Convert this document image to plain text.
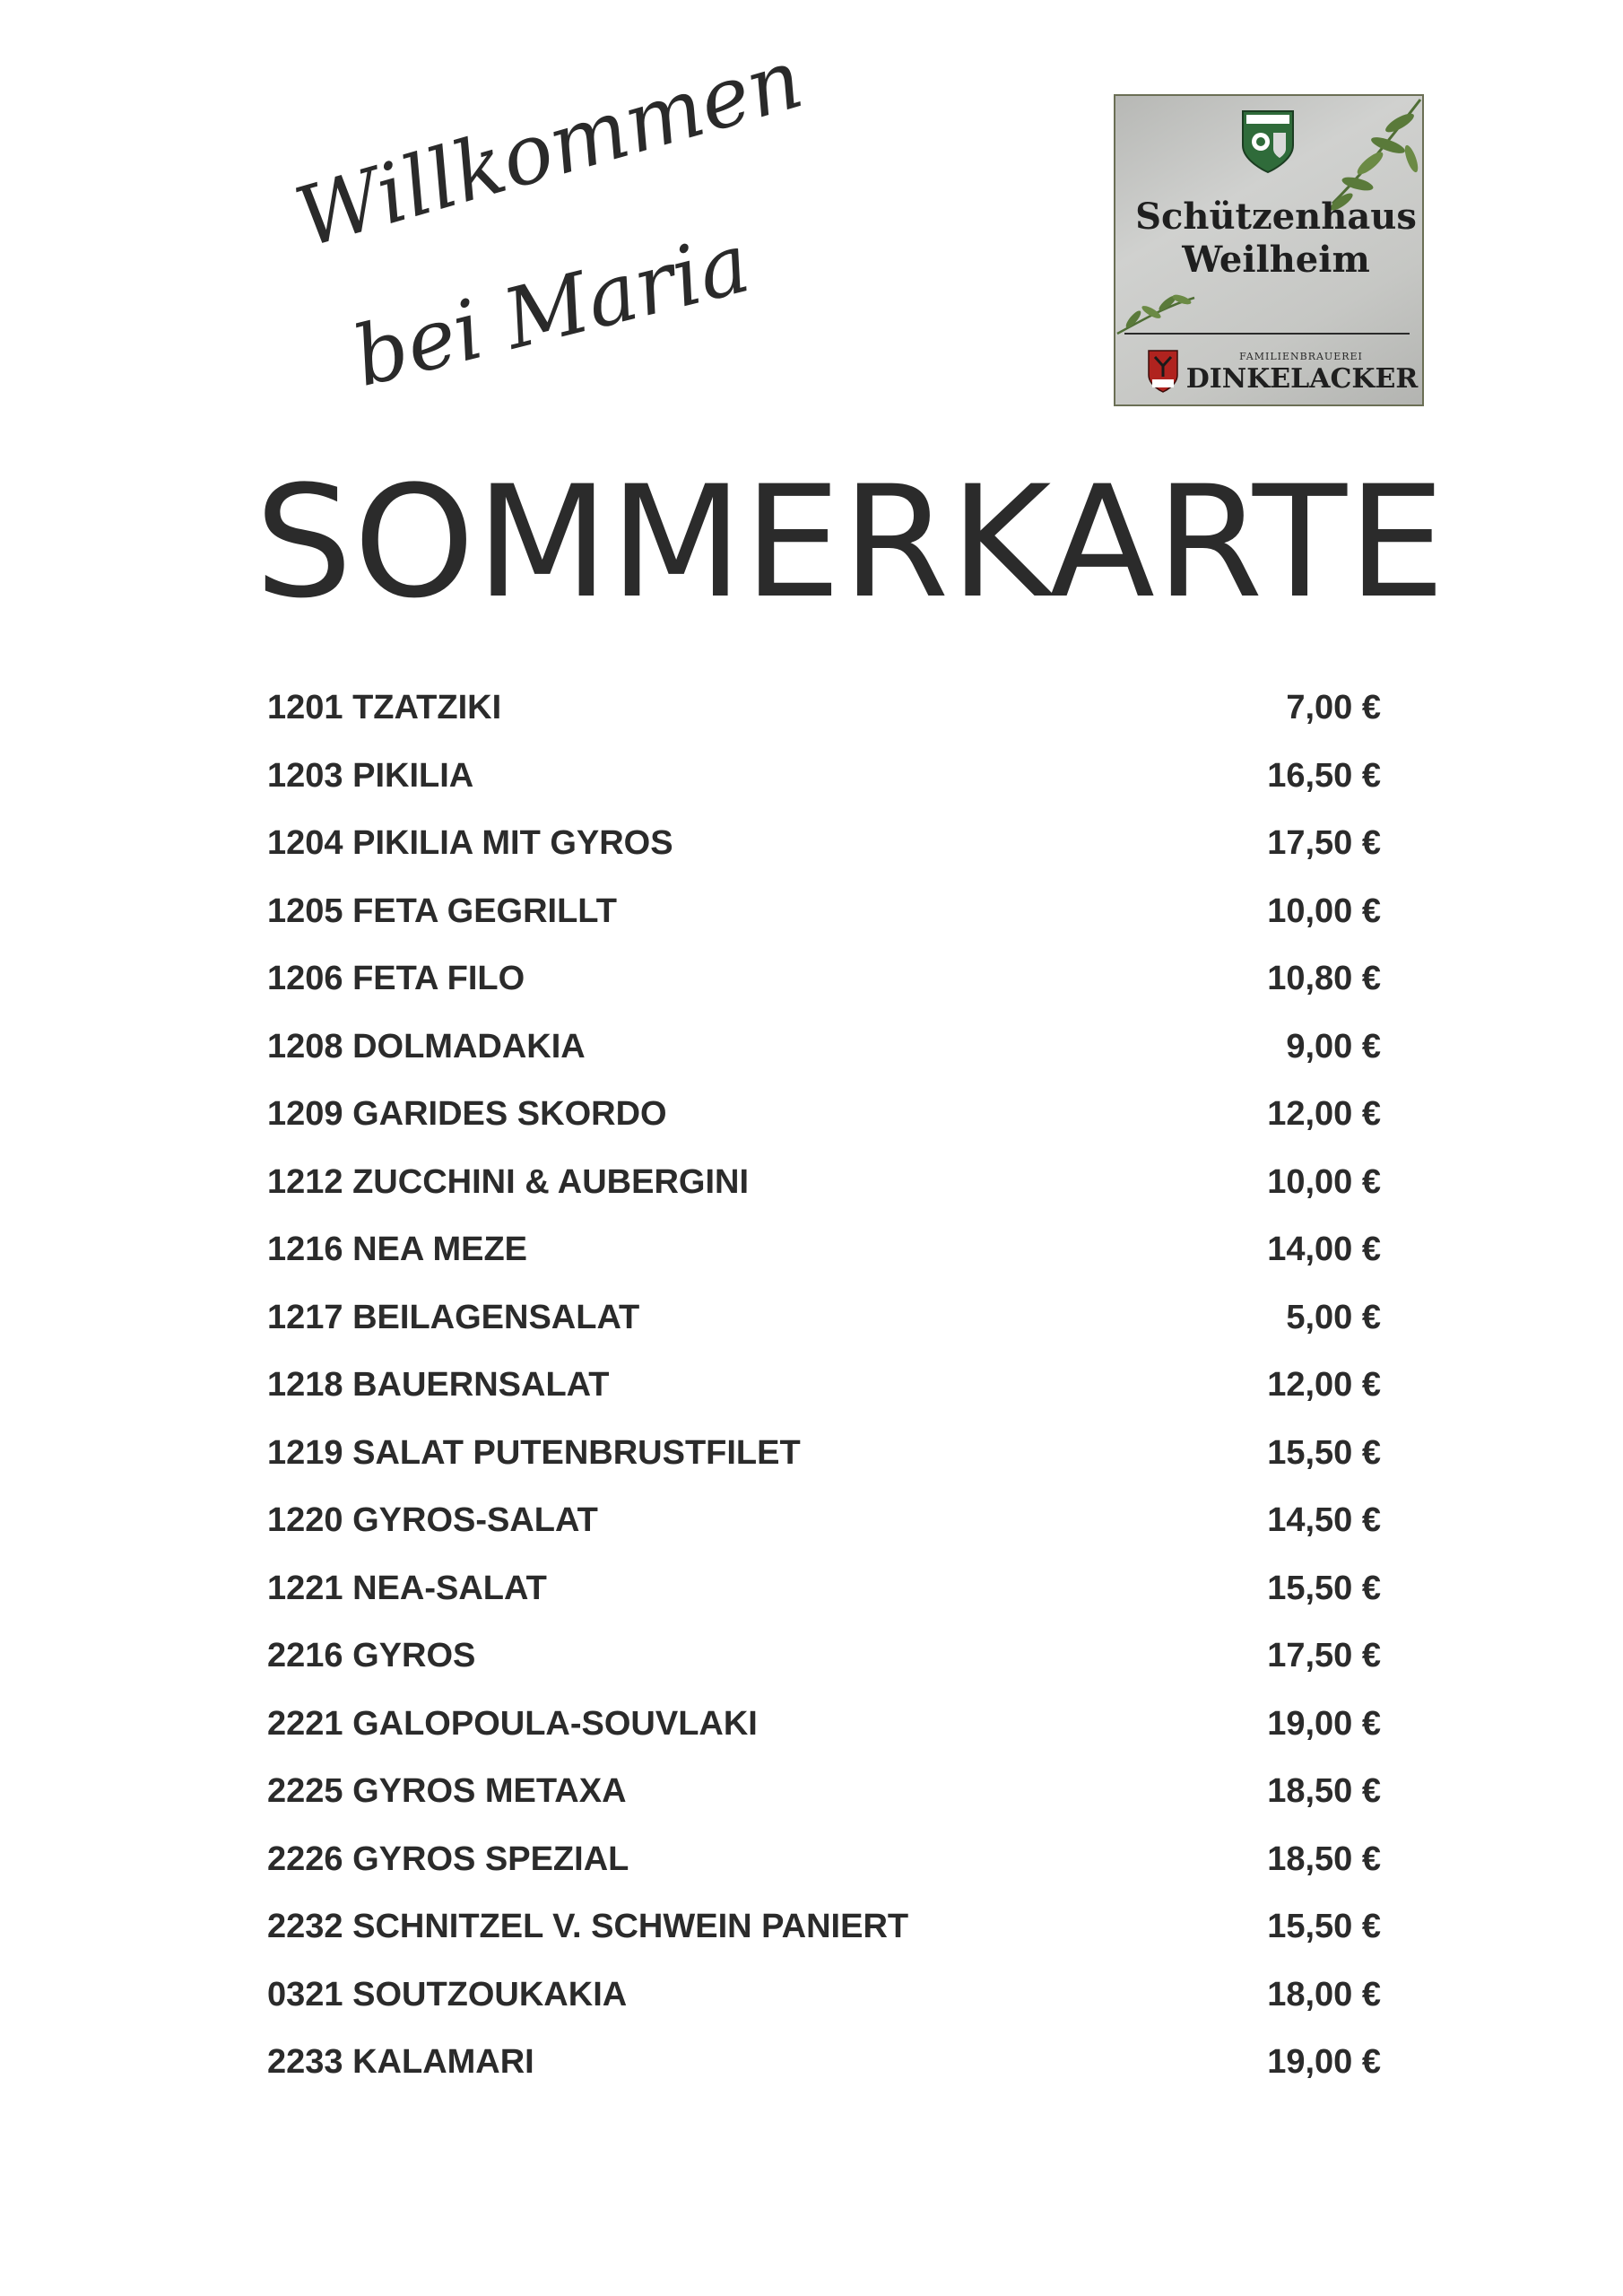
Willkommen
bei Maria	Schützenhaus
Weilheim
FAMILIENBRAUEREI
DINKELACKER
SOMMERKARTE
1201 TZATZIKI	7,00 €
1203 PIKILIA	16,50 €
1204 PIKILIA MIT GYROS	17,50 €
1205 FETA GEGRILLT	10,00 €
1206 FETA FILO	10,80 €
1208 DOLMADAKIA	9,00 €
1209 GARIDES SKORDO	12,00 €
1212 ZUCCHINI & AUBERGINI	10,00 €
1216 NEA MEZE	14,00 €
1217 BEILAGENSALAT	5,00 €
1218 BAUERNSALAT	12,00 €
1219 SALAT PUTENBRUSTFILET	15,50 €
1220 GYROS-SALAT	14,50 €
1221 NEA-SALAT	15,50 €
2216 GYROS	17,50 €
2221 GALOPOULA-SOUVLAKI	19,00 €
2225 GYROS METAXA	18,50 €
2226 GYROS SPEZIAL	18,50 €
2232 SCHNITZEL V. SCHWEIN PANIERT	15,50 €
0321 SOUTZOUKAKIA	18,00 €
2233 KALAMARI	19,00 €
